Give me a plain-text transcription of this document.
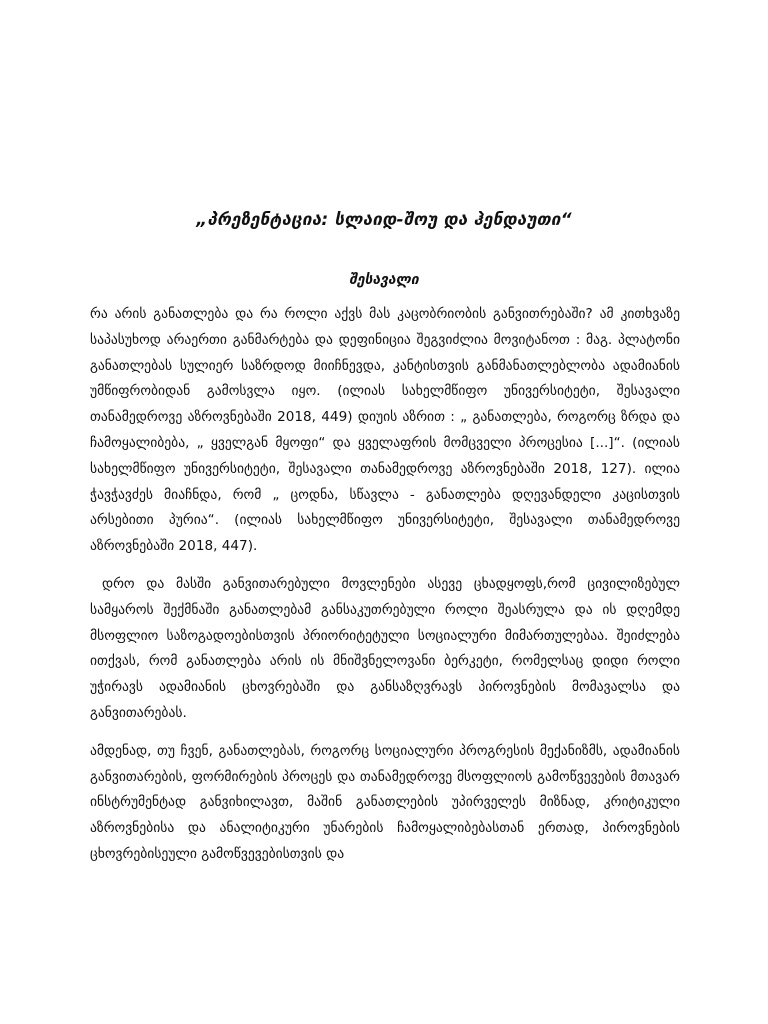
„პრეზენტაცია: სლაიდ-შოუ და ჰენდაუთი“
შესავალი

რა არის განათლება და რა როლი აქვს მას კაცობრიობის განვითრებაში? ამ კითხვაზე საპასუხოდ არაერთი განმარტება და დეფინიცია შეგვიძლია მოვიტანოთ : მაგ. პლატონი განათლებას სულიერ საზრდოდ მიიჩნევდა, კანტისთვის განმანათლებლობა ადამიანის უმწიფრობიდან გამოსვლა იყო. (ილიას სახელმწიფო უნივერსიტეტი, შესავალი თანამედროვე აზროვნებაში 2018, 449) დიუის აზრით : „ განათლება, როგორც ზრდა და ჩამოყალიბება, „ ყველგან მყოფი“ და ყველაფრის მომცველი პროცესია [...]“. (ილიას სახელმწიფო უნივერსიტეტი, შესავალი თანამედროვე აზროვნებაში 2018, 127). ილია ჭავჭავძეს მიაჩნდა, რომ „ ცოდნა, სწავლა - განათლება დღევანდელი კაცისთვის არსებითი პურია“. (ილიას სახელმწიფო უნივერსიტეტი, შესავალი თანამედროვე აზროვნებაში 2018, 447).

დრო და მასში განვითარებული მოვლენები ასევე ცხადყოფს,რომ ცივილიზებულ სამყაროს შექმნაში განათლებამ განსაკუთრებული როლი შეასრულა და ის დღემდე მსოფლიო საზოგადოებისთვის პრიორიტეტული სოციალური მიმართულებაა. შეიძლება ითქვას, რომ განათლება არის ის მნიშვნელოვანი ბერკეტი, რომელსაც დიდი როლი უჭირავს ადამიანის ცხოვრებაში და განსაზღვრავს პიროვნების მომავალსა და განვითარებას.

ამდენად, თუ ჩვენ, განათლებას, როგორც სოციალური პროგრესის მექანიზმს, ადამიანის განვითარების, ფორმირების პროცეს და თანამედროვე მსოფლიოს გამოწვევების მთავარ ინსტრუმენტად განვიხილავთ, მაშინ განათლების უპირველეს მიზნად, კრიტიკული აზროვნებისა და ანალიტიკური უნარების ჩამოყალიბებასთან ერთად, პიროვნების ცხოვრებისეული გამოწვევებისთვის და
